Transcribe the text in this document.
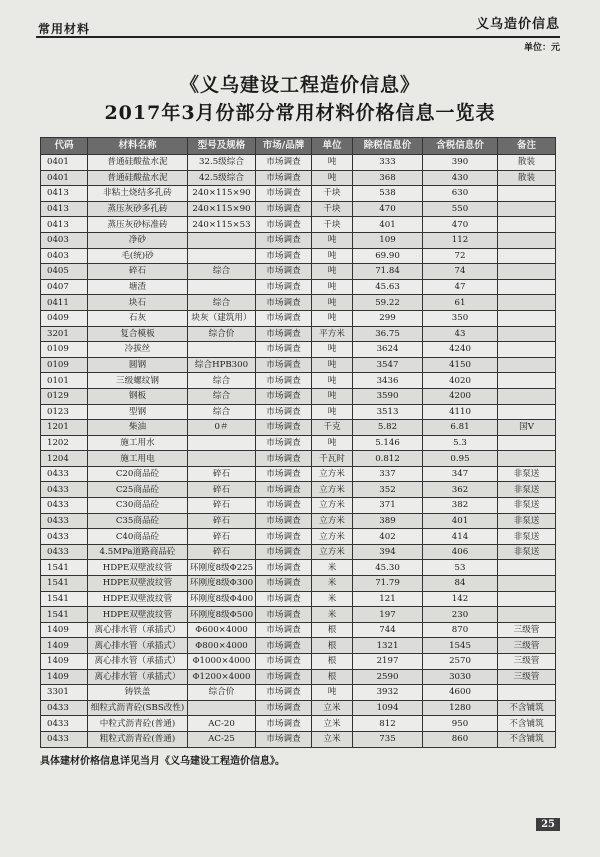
常用材料	义乌造价信息
单位：元
《义乌建设工程造价信息》
2017年3月份部分常用材料价格信息一览表
代码	材料名称	型号及规格	市场/品牌	单位	除税信息价	含税信息价	备注
0401	普通硅酸盐水泥	32.5级综合	市场调查	吨	333	390	散装
0401	普通硅酸盐水泥	42.5级综合	市场调查	吨	368	430	散装
0413	非粘土烧结多孔砖	240×115×90	市场调查	千块	538	630	
0413	蒸压灰砂多孔砖	240×115×90	市场调查	千块	470	550	
0413	蒸压灰砂标准砖	240×115×53	市场调查	千块	401	470	
0403	净砂		市场调查	吨	109	112	
0403	毛(统)砂		市场调查	吨	69.90	72	
0405	碎石	综合	市场调查	吨	71.84	74	
0407	塘渣		市场调查	吨	45.63	47	
0411	块石	综合	市场调查	吨	59.22	61	
0409	石灰	块灰（建筑用）	市场调查	吨	299	350	
3201	复合模板	综合价	市场调查	平方米	36.75	43	
0109	冷拔丝		市场调查	吨	3624	4240	
0109	圆钢	综合HPB300	市场调查	吨	3547	4150	
0101	三级螺纹钢	综合	市场调查	吨	3436	4020	
0129	钢板	综合	市场调查	吨	3590	4200	
0123	型钢	综合	市场调查	吨	3513	4110	
1201	柴油	0＃	市场调查	千克	5.82	6.81	国V
1202	施工用水		市场调查	吨	5.146	5.3	
1204	施工用电		市场调查	千瓦时	0.812	0.95	
0433	C20商品砼	碎石	市场调查	立方米	337	347	非泵送
0433	C25商品砼	碎石	市场调查	立方米	352	362	非泵送
0433	C30商品砼	碎石	市场调查	立方米	371	382	非泵送
0433	C35商品砼	碎石	市场调查	立方米	389	401	非泵送
0433	C40商品砼	碎石	市场调查	立方米	402	414	非泵送
0433	4.5MPa道路商品砼	碎石	市场调查	立方米	394	406	非泵送
1541	HDPE双壁波纹管	环刚度8级Φ225	市场调查	米	45.30	53	
1541	HDPE双壁波纹管	环刚度8级Φ300	市场调查	米	71.79	84	
1541	HDPE双壁波纹管	环刚度8级Φ400	市场调查	米	121	142	
1541	HDPE双壁波纹管	环刚度8级Φ500	市场调查	米	197	230	
1409	离心排水管（承插式）	Φ600×4000	市场调查	根	744	870	三级管
1409	离心排水管（承插式）	Φ800×4000	市场调查	根	1321	1545	三级管
1409	离心排水管（承插式）	Φ1000×4000	市场调查	根	2197	2570	三级管
1409	离心排水管（承插式）	Φ1200×4000	市场调查	根	2590	3030	三级管
3301	铸铁盖	综合价	市场调查	吨	3932	4600	
0433	细粒式沥青砼(SBS改性)		市场调查	立米	1094	1280	不含铺筑
0433	中粒式沥青砼(普通)	AC-20	市场调查	立米	812	950	不含铺筑
0433	粗粒式沥青砼(普通)	AC-25	市场调查	立米	735	860	不含铺筑
具体建材价格信息详见当月《义乌建设工程造价信息》。
25
